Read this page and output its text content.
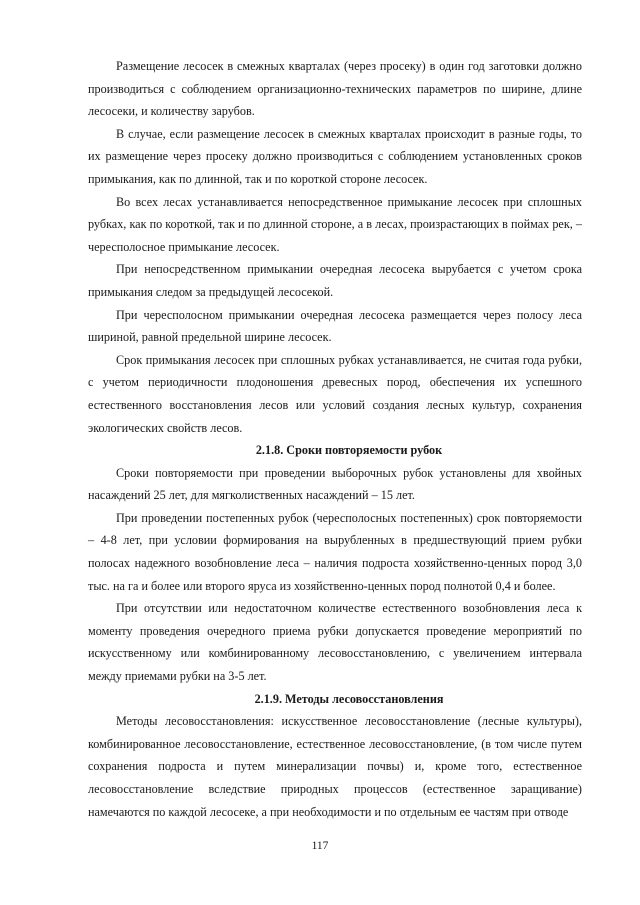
Размещение лесосек в смежных кварталах (через просеку) в один год заготовки должно производиться с соблюдением организационно-технических параметров по ширине, длине лесосеки, и количеству зарубов.

В случае, если размещение лесосек в смежных кварталах происходит в разные годы, то их размещение через просеку должно производиться с соблюдением установленных сроков примыкания, как по длинной, так и по короткой стороне лесосек.

Во всех лесах устанавливается непосредственное примыкание лесосек при сплошных рубках, как по короткой, так и по длинной стороне, а в лесах, произрастающих в поймах рек, – чересполосное примыкание лесосек.

При непосредственном примыкании очередная лесосека вырубается с учетом срока примыкания следом за предыдущей лесосекой.

При чересполосном примыкании очередная лесосека размещается через полосу леса шириной, равной предельной ширине лесосек.

Срок примыкания лесосек при сплошных рубках устанавливается, не считая года рубки, с учетом периодичности плодоношения древесных пород, обеспечения их успешного естественного восстановления лесов или условий создания лесных культур, сохранения экологических свойств лесов.

2.1.8. Сроки повторяемости рубок

Сроки повторяемости при проведении выборочных рубок установлены для хвойных насаждений 25 лет, для мягколиственных насаждений – 15 лет.

При проведении постепенных рубок (чересполосных постепенных) срок повторяемости – 4-8 лет, при условии формирования на вырубленных в предшествующий прием рубки полосах надежного возобновление леса – наличия подроста хозяйственно-ценных пород 3,0 тыс. на га и более или второго яруса из хозяйственно-ценных пород полнотой 0,4 и более.

При отсутствии или недостаточном количестве естественного возобновления леса к моменту проведения очередного приема рубки допускается проведение мероприятий по искусственному или комбинированному лесовосстановлению, с увеличением интервала между приемами рубки на 3-5 лет.

2.1.9. Методы лесовосстановления

Методы лесовосстановления: искусственное лесовосстановление (лесные культуры), комбинированное лесовосстановление, естественное лесовосстановление, (в том числе путем сохранения подроста и путем минерализации почвы) и, кроме того, естественное лесовосстановление вследствие природных процессов (естественное заращивание) намечаются по каждой лесосеке, а при необходимости и по отдельным ее частям при отводе

117
